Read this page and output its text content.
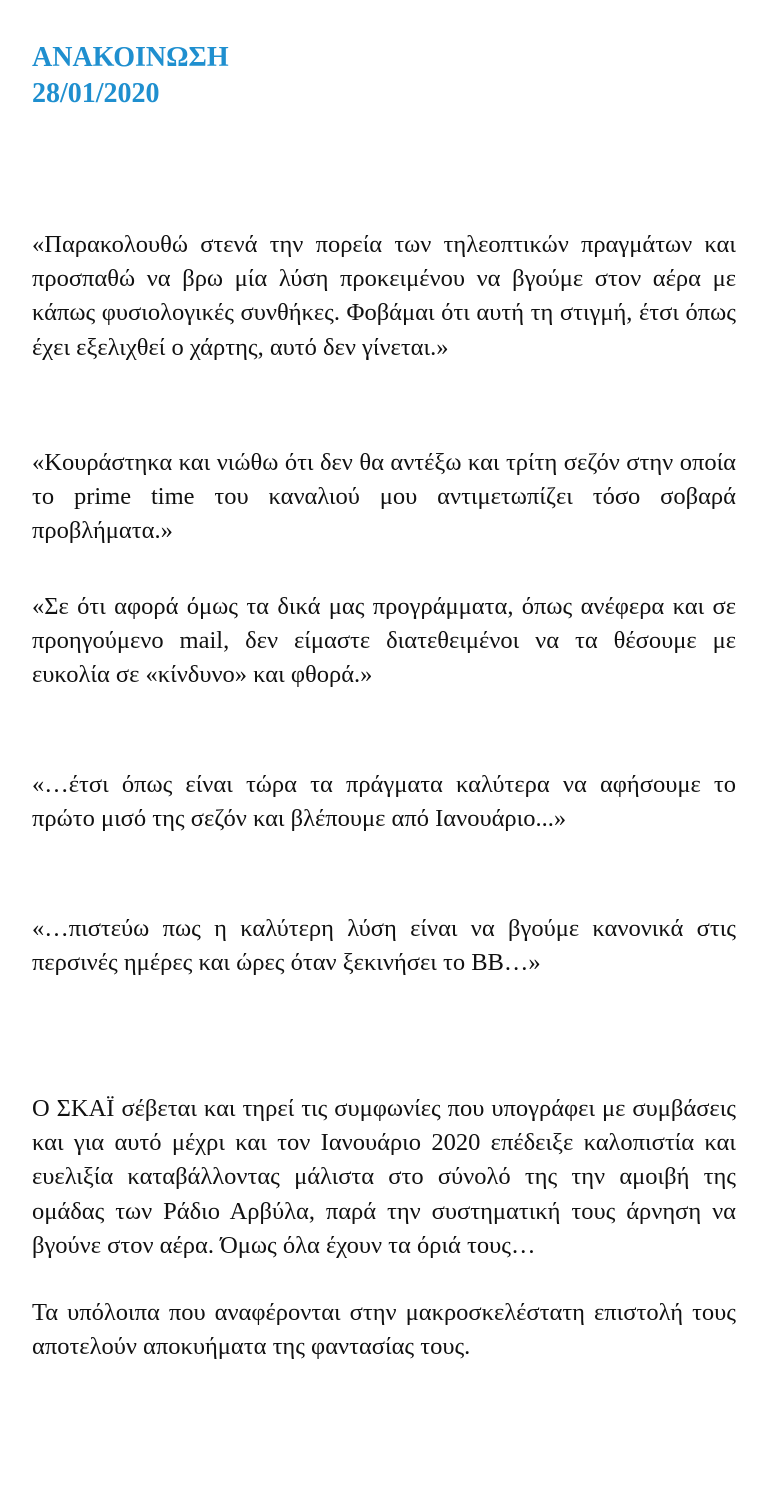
ΑΝΑΚΟΙΝΩΣΗ
28/01/2020

«Παρακολουθώ στενά την πορεία των τηλεοπτικών πραγμάτων και προσπαθώ να βρω μία λύση προκειμένου να βγούμε στον αέρα με κάπως φυσιολογικές συνθήκες. Φοβάμαι ότι αυτή τη στιγμή, έτσι όπως έχει εξελιχθεί ο χάρτης, αυτό δεν γίνεται.»

«Κουράστηκα και νιώθω ότι δεν θα αντέξω και τρίτη σεζόν στην οποία το prime time του καναλιού μου αντιμετωπίζει τόσο σοβαρά προβλήματα.»

«Σε ότι αφορά όμως τα δικά μας προγράμματα, όπως ανέφερα και σε προηγούμενο mail, δεν είμαστε διατεθειμένοι να τα θέσουμε με ευκολία σε «κίνδυνο» και φθορά.»

«…έτσι όπως είναι τώρα τα πράγματα καλύτερα να αφήσουμε το πρώτο μισό της σεζόν και βλέπουμε από Ιανουάριο...»

«…πιστεύω πως η καλύτερη λύση είναι να βγούμε κανονικά στις περσινές ημέρες και ώρες όταν ξεκινήσει το ΒΒ…»

Ο ΣΚΑΪ σέβεται και τηρεί τις συμφωνίες που υπογράφει με συμβάσεις και για αυτό μέχρι και τον Ιανουάριο 2020 επέδειξε καλοπιστία και ευελιξία καταβάλλοντας μάλιστα στο σύνολό της την αμοιβή της ομάδας των Ράδιο Αρβύλα, παρά την συστηματική τους άρνηση να βγούνε στον αέρα. Όμως όλα έχουν τα όριά τους…

Τα υπόλοιπα που αναφέρονται στην μακροσκελέστατη επιστολή τους αποτελούν αποκυήματα της φαντασίας τους.
